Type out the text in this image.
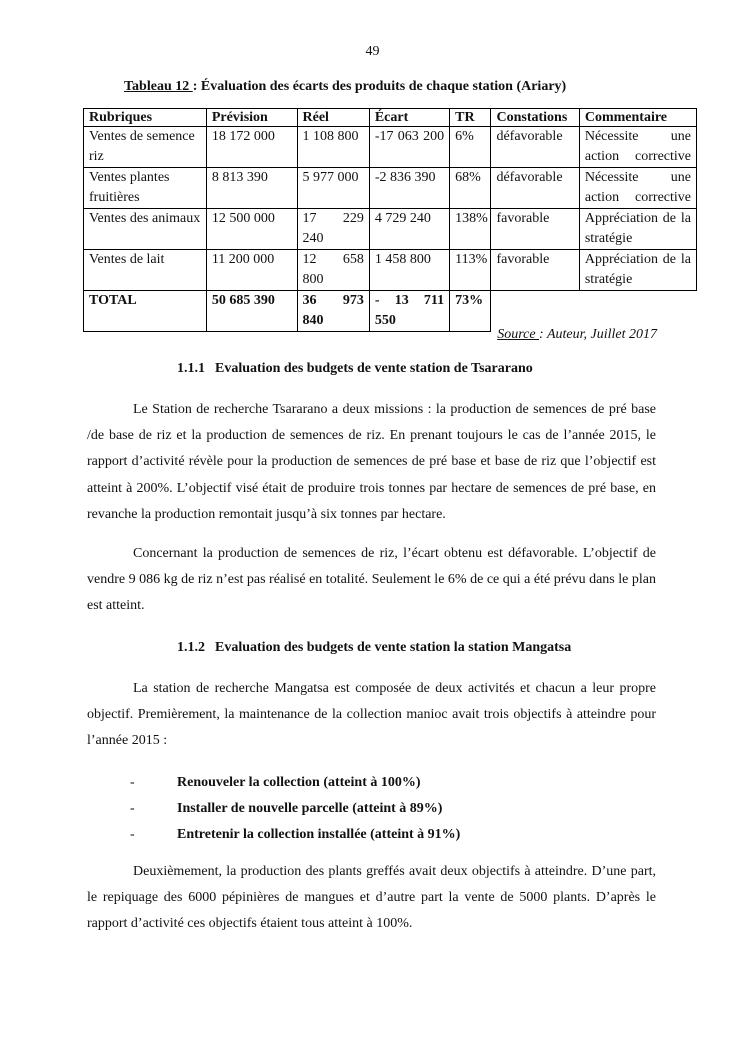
49
Tableau 12 : Évaluation des écarts des produits de chaque station (Ariary)
Rubriques	Prévision	Réel	Écart	TR	Constations	Commentaire
Ventes de semence riz	18 172 000	1 108 800	-17 063 200	6%	défavorable	Nécessite une action corrective
Ventes plantes fruitières	8 813 390	5 977 000	-2 836 390	68%	défavorable	Nécessite une action corrective
Ventes des animaux	12 500 000	17 229 240	4 729 240	138%	favorable	Appréciation de la stratégie
Ventes de lait	11 200 000	12 658 800	1 458 800	113%	favorable	Appréciation de la stratégie
TOTAL	50 685 390	36 973 840	- 13 711 550	73%		
Source : Auteur, Juillet 2017
1.1.1 Evaluation des budgets de vente station de Tsararano

Le Station de recherche Tsararano a deux missions : la production de semences de pré base /de base de riz et la production de semences de riz. En prenant toujours le cas de l’année 2015, le rapport d’activité révèle pour la production de semences de pré base et base de riz que l’objectif est atteint à 200%. L’objectif visé était de produire trois tonnes par hectare de semences de pré base, en revanche la production remontait jusqu’à six tonnes par hectare.

Concernant la production de semences de riz, l’écart obtenu est défavorable. L’objectif de vendre 9 086 kg de riz n’est pas réalisé en totalité. Seulement le 6% de ce qui a été prévu dans le plan est atteint.

1.1.2 Evaluation des budgets de vente station la station Mangatsa

La station de recherche Mangatsa est composée de deux activités et chacun a leur propre objectif. Premièrement, la maintenance de la collection manioc avait trois objectifs à atteindre pour l’année 2015 :

-	Renouveler la collection (atteint à 100%)
-	Installer de nouvelle parcelle (atteint à 89%)
-	Entretenir la collection installée (atteint à 91%)

Deuxièmement, la production des plants greffés avait deux objectifs à atteindre. D’une part, le repiquage des 6000 pépinières de mangues et d’autre part la vente de 5000 plants. D’après le rapport d’activité ces objectifs étaient tous atteint à 100%.
